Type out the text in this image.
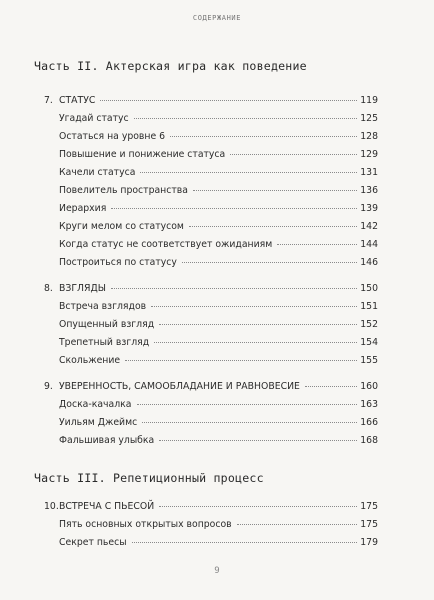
СОДЕРЖАНИЕ
Часть II. Актерская игра как поведение
Часть III. Репетиционный процесс
7. СТАТУС	119
Угадай статус	125
Остаться на уровне 6	128
Повышение и понижение статуса	129
Качели статуса	131
Повелитель пространства	136
Иерархия	139
Круги мелом со статусом	142
Когда статус не соответствует ожиданиям	144
Построиться по статусу	146
8. ВЗГЛЯДЫ	150
Встреча взглядов	151
Опущенный взгляд	152
Трепетный взгляд	154
Скольжение	155
9. УВЕРЕННОСТЬ, САМООБЛАДАНИЕ И РАВНОВЕСИЕ	160
Доска-качалка	163
Уильям Джеймс	166
Фальшивая улыбка	168
10. ВСТРЕЧА С ПЬЕСОЙ	175
Пять основных открытых вопросов	175
Секрет пьесы	179
9
